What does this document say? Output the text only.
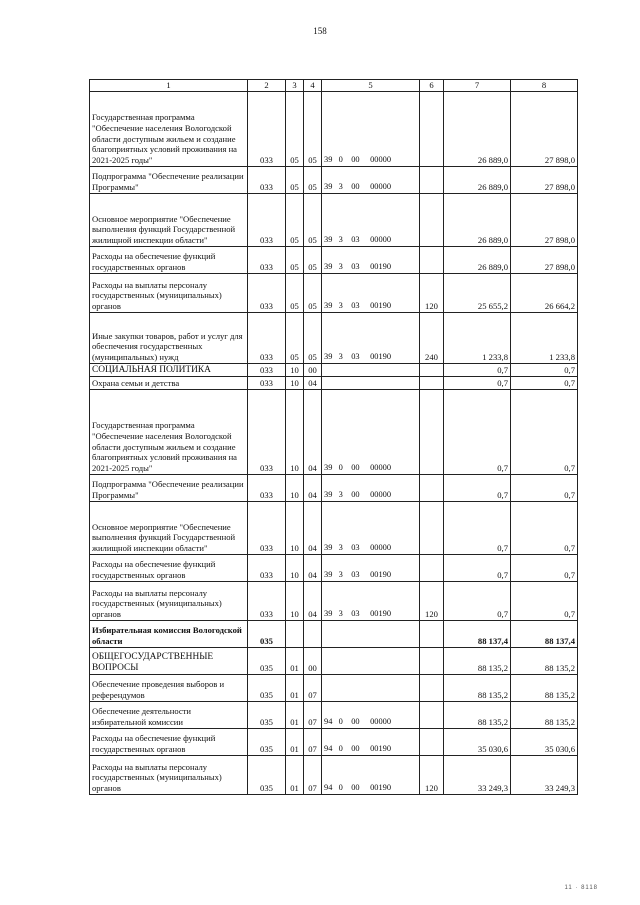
158
1	2	3	4	5	6	7	8
Государственная программа "Обеспечение населения Вологодской области доступным жильем и создание благоприятных условий проживания на 2021-2025 годы"	033	05	05	39   0    00     00000		26 889,0	27 898,0
Подпрограмма "Обеспечение реализации Программы"	033	05	05	39   3    00     00000		26 889,0	27 898,0
Основное мероприятие "Обеспечение выполнения функций Государственной жилищной инспекции области"	033	05	05	39   3    03     00000		26 889,0	27 898,0
Расходы на обеспечение функций государственных органов	033	05	05	39   3    03     00190		26 889,0	27 898,0
Расходы на выплаты персоналу государственных (муниципальных) органов	033	05	05	39   3    03     00190	120	25 655,2	26 664,2
Иные закупки товаров, работ и услуг для обеспечения государственных (муниципальных) нужд	033	05	05	39   3    03     00190	240	1 233,8	1 233,8
СОЦИАЛЬНАЯ ПОЛИТИКА	033	10	00			0,7	0,7
Охрана семьи и детства	033	10	04			0,7	0,7
Государственная программа "Обеспечение населения Вологодской области доступным жильем и создание благоприятных условий проживания на 2021-2025 годы"	033	10	04	39   0    00     00000		0,7	0,7
Подпрограмма "Обеспечение реализации Программы"	033	10	04	39   3    00     00000		0,7	0,7
Основное мероприятие "Обеспечение выполнения функций Государственной жилищной инспекции области"	033	10	04	39   3    03     00000		0,7	0,7
Расходы на обеспечение функций государственных органов	033	10	04	39   3    03     00190		0,7	0,7
Расходы на выплаты персоналу государственных (муниципальных) органов	033	10	04	39   3    03     00190	120	0,7	0,7
Избирательная комиссия Вологодской области	035					88 137,4	88 137,4
ОБЩЕГОСУДАРСТВЕННЫЕ ВОПРОСЫ	035	01	00			88 135,2	88 135,2
Обеспечение проведения выборов и референдумов	035	01	07			88 135,2	88 135,2
Обеспечение деятельности избирательной комиссии	035	01	07	94   0    00     00000		88 135,2	88 135,2
Расходы на обеспечение функций государственных органов	035	01	07	94   0    00     00190		35 030,6	35 030,6
Расходы на выплаты персоналу государственных (муниципальных) органов	035	01	07	94   0    00     00190	120	33 249,3	33 249,3
11 · 8118
